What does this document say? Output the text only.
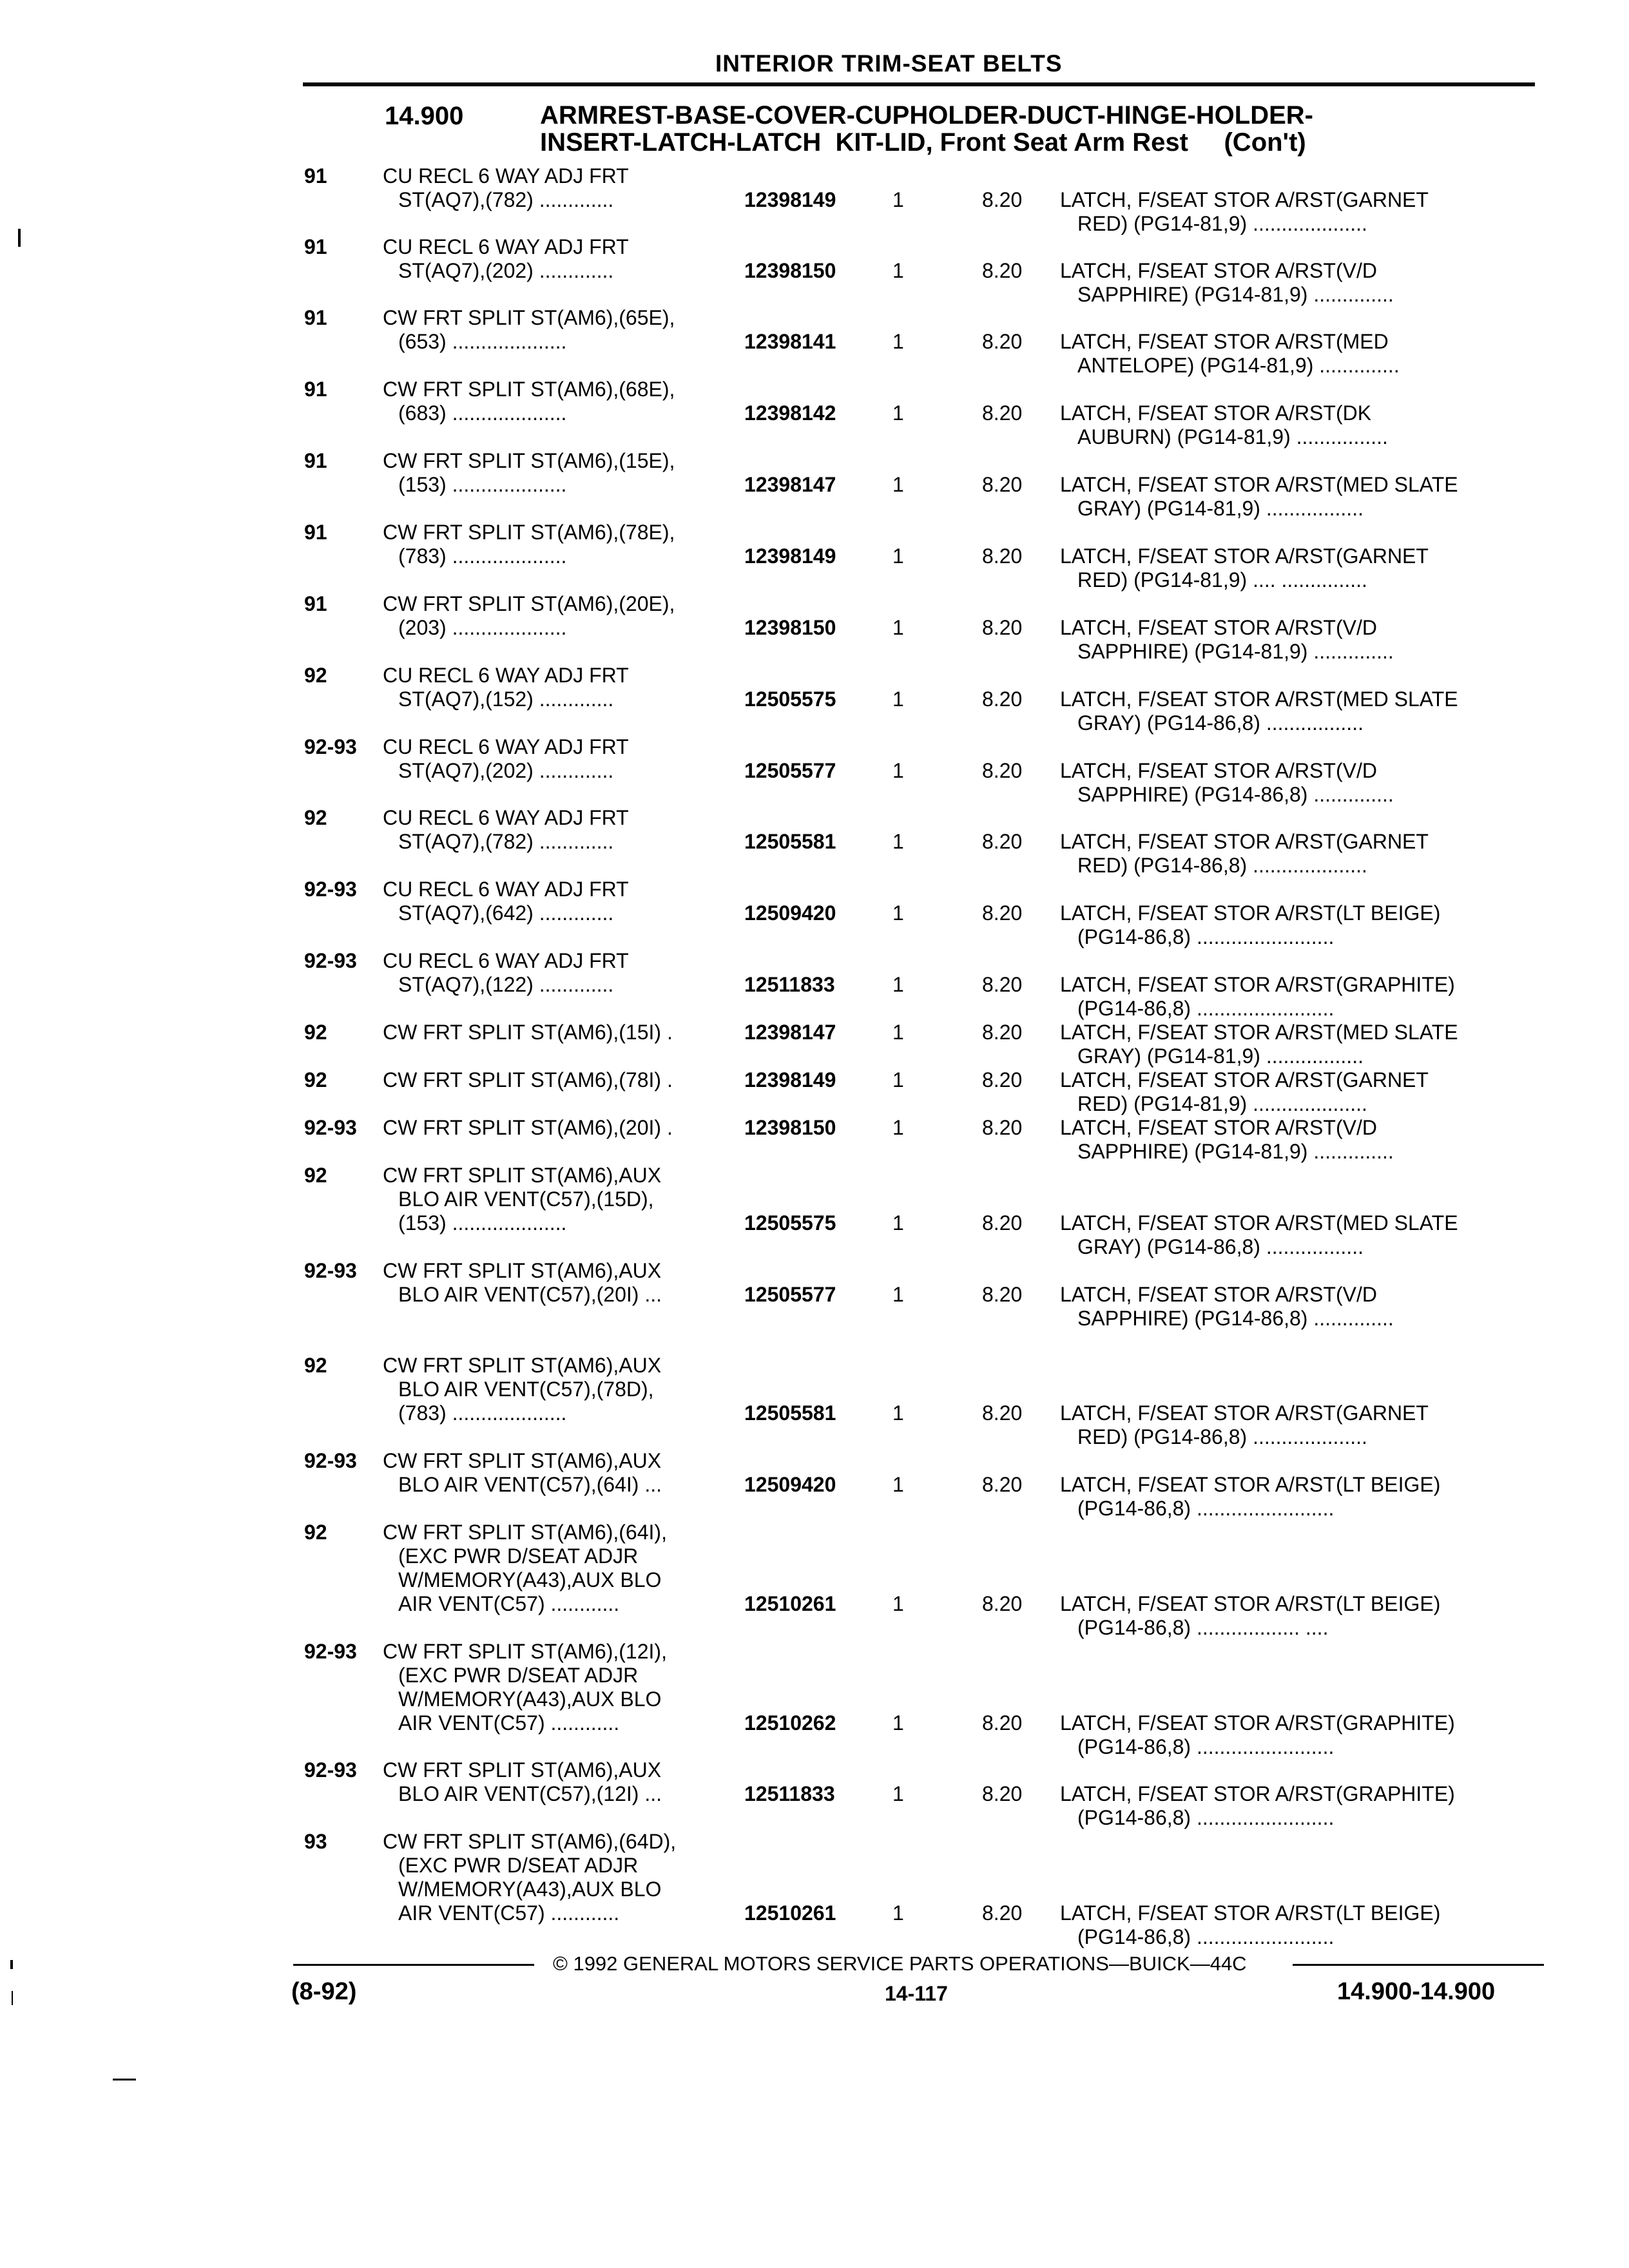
INTERIOR TRIM-SEAT BELTS
14.900	ARMREST-BASE-COVER-CUPHOLDER-DUCT-HINGE-HOLDER-
INSERT-LATCH-LATCH  KIT-LID, Front Seat Arm Rest     (Con't)
91	CU RECL 6 WAY ADJ FRT
ST(AQ7),(782) .............	12398149	1	8.20 LATCH, F/SEAT STOR A/RST(GARNET
RED) (PG14-81,9) ....................
91	CU RECL 6 WAY ADJ FRT
ST(AQ7),(202) .............	12398150	1	8.20 LATCH, F/SEAT STOR A/RST(V/D
SAPPHIRE) (PG14-81,9) ..............
91	CW FRT SPLIT ST(AM6),(65E),
(653) ....................	12398141	1	8.20 LATCH, F/SEAT STOR A/RST(MED
ANTELOPE) (PG14-81,9) ..............
91	CW FRT SPLIT ST(AM6),(68E),
(683) ....................	12398142	1	8.20 LATCH, F/SEAT STOR A/RST(DK
AUBURN) (PG14-81,9) ................
91	CW FRT SPLIT ST(AM6),(15E),
(153) ....................	12398147	1	8.20 LATCH, F/SEAT STOR A/RST(MED SLATE
GRAY) (PG14-81,9) .................
91	CW FRT SPLIT ST(AM6),(78E),
(783) ....................	12398149	1	8.20 LATCH, F/SEAT STOR A/RST(GARNET
RED) (PG14-81,9) .... ...............
91	CW FRT SPLIT ST(AM6),(20E),
(203) ....................	12398150	1	8.20 LATCH, F/SEAT STOR A/RST(V/D
SAPPHIRE) (PG14-81,9) ..............
92	CU RECL 6 WAY ADJ FRT
ST(AQ7),(152) .............	12505575	1	8.20 LATCH, F/SEAT STOR A/RST(MED SLATE
GRAY) (PG14-86,8) .................
92-93 CU RECL 6 WAY ADJ FRT
ST(AQ7),(202) .............	12505577	1	8.20 LATCH, F/SEAT STOR A/RST(V/D
SAPPHIRE) (PG14-86,8) ..............
92	CU RECL 6 WAY ADJ FRT
ST(AQ7),(782) .............	12505581	1	8.20 LATCH, F/SEAT STOR A/RST(GARNET
RED) (PG14-86,8) ....................
92-93 CU RECL 6 WAY ADJ FRT
ST(AQ7),(642) .............	12509420	1	8.20 LATCH, F/SEAT STOR A/RST(LT BEIGE)
(PG14-86,8) ........................
92-93 CU RECL 6 WAY ADJ FRT
ST(AQ7),(122) .............	12511833	1	8.20 LATCH, F/SEAT STOR A/RST(GRAPHITE)
(PG14-86,8) ........................
92	CW FRT SPLIT ST(AM6),(15I) .	12398147	1	8.20 LATCH, F/SEAT STOR A/RST(MED SLATE
GRAY) (PG14-81,9) .................
92	CW FRT SPLIT ST(AM6),(78I) .	12398149	1	8.20 LATCH, F/SEAT STOR A/RST(GARNET
RED) (PG14-81,9) ....................
92-93 CW FRT SPLIT ST(AM6),(20I) .	12398150	1	8.20 LATCH, F/SEAT STOR A/RST(V/D
SAPPHIRE) (PG14-81,9) ..............
92	CW FRT SPLIT ST(AM6),AUX
BLO AIR VENT(C57),(15D),
(153) ....................	12505575	1	8.20 LATCH, F/SEAT STOR A/RST(MED SLATE
GRAY) (PG14-86,8) .................
92-93 CW FRT SPLIT ST(AM6),AUX
BLO AIR VENT(C57),(20I) ...	12505577	1	8.20 LATCH, F/SEAT STOR A/RST(V/D
SAPPHIRE) (PG14-86,8) ..............
92	CW FRT SPLIT ST(AM6),AUX
BLO AIR VENT(C57),(78D),
(783) ....................	12505581	1	8.20 LATCH, F/SEAT STOR A/RST(GARNET
RED) (PG14-86,8) ....................
92-93 CW FRT SPLIT ST(AM6),AUX
BLO AIR VENT(C57),(64I) ...	12509420	1	8.20 LATCH, F/SEAT STOR A/RST(LT BEIGE)
(PG14-86,8) ........................
92	CW FRT SPLIT ST(AM6),(64I),
(EXC PWR D/SEAT ADJR
W/MEMORY(A43),AUX BLO
AIR VENT(C57) ............	12510261	1	8.20 LATCH, F/SEAT STOR A/RST(LT BEIGE)
(PG14-86,8) .................. ....
92-93 CW FRT SPLIT ST(AM6),(12I),
(EXC PWR D/SEAT ADJR
W/MEMORY(A43),AUX BLO
AIR VENT(C57) ............	12510262	1	8.20 LATCH, F/SEAT STOR A/RST(GRAPHITE)
(PG14-86,8) ........................
92-93 CW FRT SPLIT ST(AM6),AUX
BLO AIR VENT(C57),(12I) ...	12511833	1	8.20 LATCH, F/SEAT STOR A/RST(GRAPHITE)
(PG14-86,8) ........................
93	CW FRT SPLIT ST(AM6),(64D),
(EXC PWR D/SEAT ADJR
W/MEMORY(A43),AUX BLO
AIR VENT(C57) ............	12510261	1	8.20 LATCH, F/SEAT STOR A/RST(LT BEIGE)
(PG14-86,8) ........................
© 1992 GENERAL MOTORS SERVICE PARTS OPERATIONS—BUICK—44C
(8-92)	14-117	14.900-14.900
